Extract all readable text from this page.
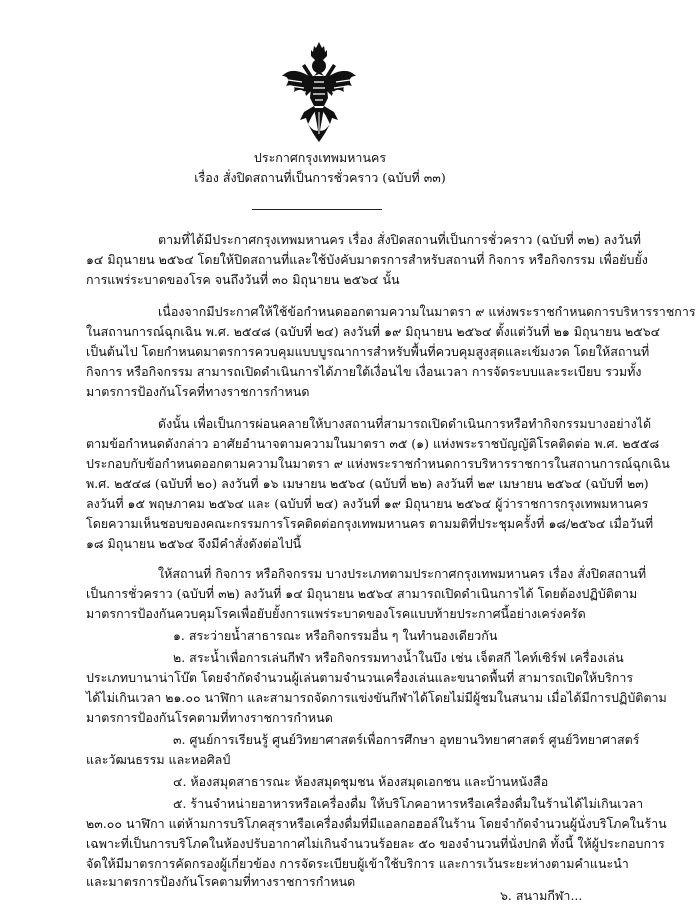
ประกาศกรุงเทพมหานคร
เรื่อง สั่งปิดสถานที่เป็นการชั่วคราว (ฉบับที่ ๓๓)
ตามที่ได้มีประกาศกรุงเทพมหานคร เรื่อง สั่งปิดสถานที่เป็นการชั่วคราว (ฉบับที่ ๓๒) ลงวันที่
๑๔ มิถุนายน ๒๕๖๔ โดยให้ปิดสถานที่และใช้บังคับมาตรการสำหรับสถานที่ กิจการ หรือกิจกรรม เพื่อยับยั้ง
การแพร่ระบาดของโรค จนถึงวันที่ ๓๐ มิถุนายน ๒๕๖๔ นั้น
เนื่องจากมีประกาศให้ใช้ข้อกำหนดออกตามความในมาตรา ๙ แห่งพระราชกำหนดการบริหารราชการ
ในสถานการณ์ฉุกเฉิน พ.ศ. ๒๕๔๘ (ฉบับที่ ๒๔) ลงวันที่ ๑๙ มิถุนายน ๒๕๖๔ ตั้งแต่วันที่ ๒๑ มิถุนายน ๒๕๖๔
เป็นต้นไป โดยกำหนดมาตรการควบคุมแบบบูรณาการสำหรับพื้นที่ควบคุมสูงสุดและเข้มงวด โดยให้สถานที่
กิจการ หรือกิจกรรม สามารถเปิดดำเนินการได้ภายใต้เงื่อนไข เงื่อนเวลา การจัดระบบและระเบียบ รวมทั้ง
มาตรการป้องกันโรคที่ทางราชการกำหนด
ดังนั้น เพื่อเป็นการผ่อนคลายให้บางสถานที่สามารถเปิดดำเนินการหรือทำกิจกรรมบางอย่างได้
ตามข้อกำหนดดังกล่าว อาศัยอำนาจตามความในมาตรา ๓๕ (๑) แห่งพระราชบัญญัติโรคติดต่อ พ.ศ. ๒๕๕๘
ประกอบกับข้อกำหนดออกตามความในมาตรา ๙ แห่งพระราชกำหนดการบริหารราชการในสถานการณ์ฉุกเฉิน
พ.ศ. ๒๕๔๘ (ฉบับที่ ๒๐) ลงวันที่ ๑๖ เมษายน ๒๕๖๔ (ฉบับที่ ๒๒) ลงวันที่ ๒๙ เมษายน ๒๕๖๔ (ฉบับที่ ๒๓)
ลงวันที่ ๑๕ พฤษภาคม ๒๕๖๔ และ (ฉบับที่ ๒๔) ลงวันที่ ๑๙ มิถุนายน ๒๕๖๔ ผู้ว่าราชการกรุงเทพมหานคร
โดยความเห็นชอบของคณะกรรมการโรคติดต่อกรุงเทพมหานคร ตามมติที่ประชุมครั้งที่ ๑๘/๒๕๖๔ เมื่อวันที่
๑๘ มิถุนายน ๒๕๖๔ จึงมีคำสั่งดังต่อไปนี้
ให้สถานที่ กิจการ หรือกิจกรรม บางประเภทตามประกาศกรุงเทพมหานคร เรื่อง สั่งปิดสถานที่
เป็นการชั่วคราว (ฉบับที่ ๓๒) ลงวันที่ ๑๔ มิถุนายน ๒๕๖๔ สามารถเปิดดำเนินการได้ โดยต้องปฏิบัติตาม
มาตรการป้องกันควบคุมโรคเพื่อยับยั้งการแพร่ระบาดของโรคแบบท้ายประกาศนี้อย่างเคร่งครัด
๑. สระว่ายน้ำสาธารณะ หรือกิจกรรมอื่น ๆ ในทำนองเดียวกัน
๒. สระน้ำเพื่อการเล่นกีฬา หรือกิจกรรมทางน้ำในบึง เช่น เจ็ตสกี ไคท์เซิร์ฟ เครื่องเล่น
ประเภทบานาน่าโบ๊ต โดยจำกัดจำนวนผู้เล่นตามจำนวนเครื่องเล่นและขนาดพื้นที่ สามารถเปิดให้บริการ
ได้ไม่เกินเวลา ๒๑.๐๐ นาฬิกา และสามารถจัดการแข่งขันกีฬาได้โดยไม่มีผู้ชมในสนาม เมื่อได้มีการปฏิบัติตาม
มาตรการป้องกันโรคตามที่ทางราชการกำหนด
๓. ศูนย์การเรียนรู้ ศูนย์วิทยาศาสตร์เพื่อการศึกษา อุทยานวิทยาศาสตร์ ศูนย์วิทยาศาสตร์
และวัฒนธรรม และหอศิลป์
๔. ห้องสมุดสาธารณะ ห้องสมุดชุมชน ห้องสมุดเอกชน และบ้านหนังสือ
๕. ร้านจำหน่ายอาหารหรือเครื่องดื่ม ให้บริโภคอาหารหรือเครื่องดื่มในร้านได้ไม่เกินเวลา
๒๓.๐๐ นาฬิกา แต่ห้ามการบริโภคสุราหรือเครื่องดื่มที่มีแอลกอฮอล์ในร้าน โดยจำกัดจำนวนผู้นั่งบริโภคในร้าน
เฉพาะที่เป็นการบริโภคในห้องปรับอากาศไม่เกินจำนวนร้อยละ ๕๐ ของจำนวนที่นั่งปกติ ทั้งนี้ ให้ผู้ประกอบการ
จัดให้มีมาตรการคัดกรองผู้เกี่ยวข้อง การจัดระเบียบผู้เข้าใช้บริการ และการเว้นระยะห่างตามคำแนะนำ
และมาตรการป้องกันโรคตามที่ทางราชการกำหนด
๖. สนามกีฬา...
